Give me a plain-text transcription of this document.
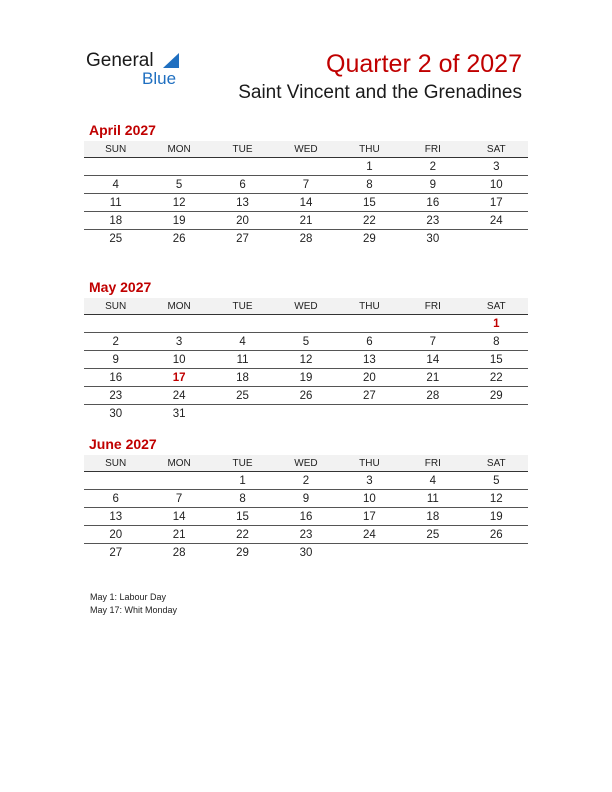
General
Blue
Quarter 2 of 2027
Saint Vincent and the Grenadines
April 2027
SUN	MON	TUE	WED	THU	FRI	SAT
				1	2	3
4	5	6	7	8	9	10
11	12	13	14	15	16	17
18	19	20	21	22	23	24
25	26	27	28	29	30	
May 2027
SUN	MON	TUE	WED	THU	FRI	SAT
						1
2	3	4	5	6	7	8
9	10	11	12	13	14	15
16	17	18	19	20	21	22
23	24	25	26	27	28	29
30	31					
June 2027
SUN	MON	TUE	WED	THU	FRI	SAT
		1	2	3	4	5
6	7	8	9	10	11	12
13	14	15	16	17	18	19
20	21	22	23	24	25	26
27	28	29	30			
May 1: Labour Day
May 17: Whit Monday
